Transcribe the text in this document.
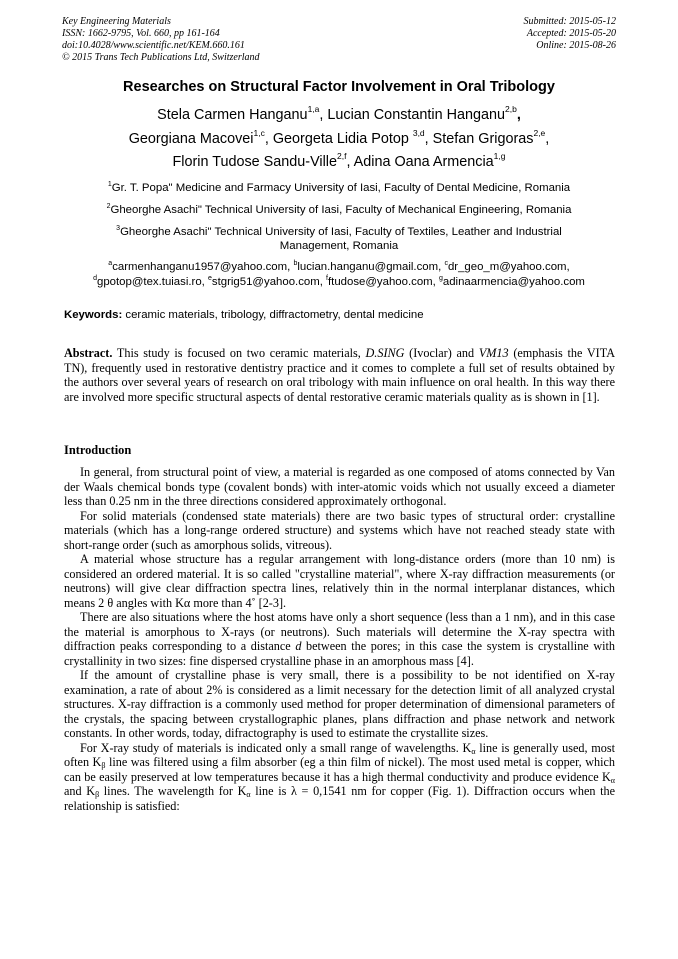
Key Engineering Materials
ISSN: 1662-9795, Vol. 660, pp 161-164
doi:10.4028/www.scientific.net/KEM.660.161
© 2015 Trans Tech Publications Ltd, Switzerland
Submitted: 2015-05-12
Accepted: 2015-05-20
Online: 2015-08-26
Researches on Structural Factor Involvement in Oral Tribology
Stela Carmen Hanganu$^{1,a}$, Lucian Constantin Hanganu$^{2,b}$,
Georgiana Macovei$^{1,c}$, Georgeta Lidia Potop $^{3,d}$, Stefan Grigoras$^{2,e}$,
Florin Tudose Sandu-Ville$^{2,f}$, Adina Oana Armencia$^{1,g}$
$^1$Gr. T. Popa" Medicine and Farmacy University of Iasi, Faculty of Dental Medicine, Romania
$^2$Gheorghe Asachi" Technical University of Iasi, Faculty of Mechanical Engineering, Romania
$^3$Gheorghe Asachi" Technical University of Iasi, Faculty of Textiles, Leather and Industrial Management, Romania
$^a$carmenhanganu1957@yahoo.com, $^b$lucian.hanganu@gmail.com, $^c$dr_geo_m@yahoo.com,
$^d$gpotop@tex.tuiasi.ro, $^e$stgrig51@yahoo.com, $^f$ftudose@yahoo.com, $^g$adinaarmencia@yahoo.com
Keywords: ceramic materials, tribology, diffractometry, dental medicine

Abstract. This study is focused on two ceramic materials, D.SING (Ivoclar) and VM13 (emphasis the VITA TN), frequently used in restorative dentistry practice and it comes to complete a full set of results obtained by the authors over several years of research on oral tribology with main influence on oral health. In this way there are involved more specific structural aspects of dental restorative ceramic materials quality as is shown in [1].

Introduction

In general, from structural point of view, a material is regarded as one composed of atoms connected by Van der Waals chemical bonds type (covalent bonds) with inter-atomic voids which not usually exceed a diameter less than 0.25 nm in the three directions considered approximately orthogonal.

For solid materials (condensed state materials) there are two basic types of structural order: crystalline materials (which has a long-range ordered structure) and systems which have not reached steady state with short-range order (such as amorphous solids, vitreous).

A material whose structure has a regular arrangement with long-distance orders (more than 10 nm) is considered an ordered material. It is so called "crystalline material", where X-ray diffraction measurements (or neutrons) will give clear diffraction spectra lines, relatively thin in the normal interplanar distances, which means 2 θ angles with Kα more than 4˚ [2-3].

There are also situations where the host atoms have only a short sequence (less than a 1 nm), and in this case the material is amorphous to X-rays (or neutrons). Such materials will determine the X-ray spectra with diffraction peaks corresponding to a distance d between the pores; in this case the system is crystalline with crystallinity in two sizes: fine dispersed crystalline phase in an amorphous mass [4].

If the amount of crystalline phase is very small, there is a possibility to be not identified on X-ray examination, a rate of about 2% is considered as a limit necessary for the detection limit of all analyzed crystal structures. X-ray diffraction is a commonly used method for proper determination of dimensional parameters of the crystals, the spacing between crystallographic planes, plans diffraction and phase network and network constants. In other words, today, difractography is used to estimate the crystallite sizes.

For X-ray study of materials is indicated only a small range of wavelengths. $K_\alpha$ line is generally used, most often $K_\beta$ line was filtered using a film absorber (eg a thin film of nickel). The most used metal is copper, which can be easily preserved at low temperatures because it has a high thermal conductivity and produce evidence $K_\alpha$ and $K_\beta$ lines. The wavelength for $K_\alpha$ line is λ = 0,1541 nm for copper (Fig. 1). Diffraction occurs when the relationship is satisfied:
